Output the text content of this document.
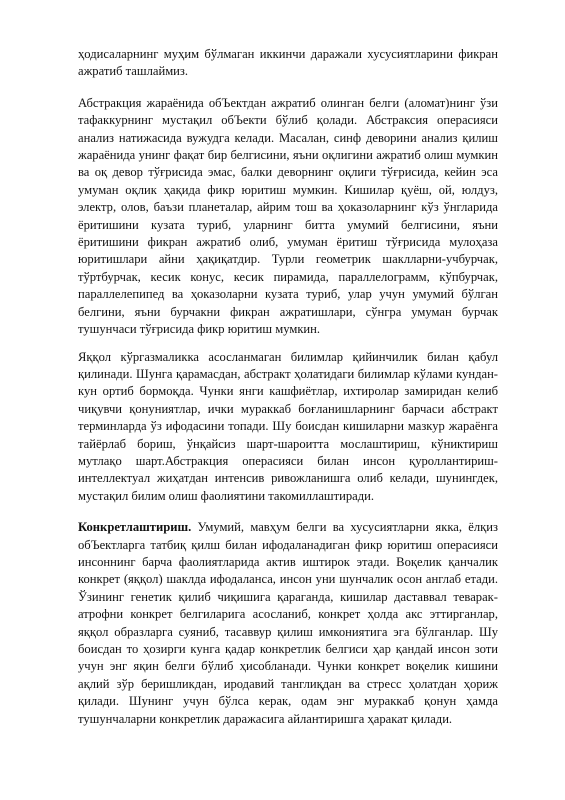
ҳодисаларнинг муҳим бўлмаган иккинчи даражали хусусиятларини фикран ажратиб ташлаймиз.

Абстракция жараёнида обЪектдан ажратиб олинган белги (аломат)нинг ўзи тафаккурнинг мустақил обЪекти бўлиб қолади. Абстраксия операсияси анализ натижасида вужудга келади. Масалан, синф деворини анализ қилиш жараёнида унинг фақат бир белгисини, яъни оқлигини ажратиб олиш мумкин ва оқ девор тўғрисида эмас, балки деворнинг оқлиги тўғрисида, кейин эса умуман оқлик ҳақида фикр юритиш мумкин. Кишилар қуёш, ой, юлдуз, электр, олов, баъзи планеталар, айрим тош ва ҳоказоларнинг кўз ўнгларида ёритишини кузата туриб, уларнинг битта умумий белгисини, яъни ёритишини фикран ажратиб олиб, умуман ёритиш тўғрисида мулоҳаза юритишлари айни ҳақиқатдир. Турли геометрик шаклларни-учбурчак, тўртбурчак, кесик конус, кесик пирамида, параллелограмм, кўпбурчак, параллелепипед ва ҳоказоларни кузата туриб, улар учун умумий бўлган белгини, яъни бурчакни фикран ажратишлари, сўнгра умуман бурчак тушунчаси тўғрисида фикр юритиш мумкин.

Яққол кўргазмаликка асосланмаган билимлар қийинчилик билан қабул қилинади. Шунга қарамасдан, абстракт ҳолатидаги билимлар кўлами кундан-кун ортиб бормоқда. Чунки янги кашфиётлар, ихтиролар замиридан келиб чиқувчи қонуниятлар, ички мураккаб боғланишларнинг барчаси абстракт терминларда ўз ифодасини топади. Шу боисдан кишиларни мазкур жараёнга тайёрлаб бориш, ўнқайсиз шарт-шароитта мослаштириш, кўниктириш мутлақо шарт.Абстракция операсияси билан инсон қуроллантириш-интеллектуал жиҳатдан интенсив ривожланишга олиб келади, шунингдек, мустақил билим олиш фаолиятини такомиллаштиради.

Конкретлаштириш. Умумий, мавҳум белги ва хусусиятларни якка, ёлқиз обЪектларга татбиқ қилш билан ифодаланадиган фикр юритиш операсияси инсоннинг барча фаолиятларида актив иштирок этади. Воқелик қанчалик конкрет (яққол) шаклда ифодаланса, инсон уни шунчалик осон англаб етади. Ўзининг генетик қилиб чиқишига қараганда, кишилар даставвал теварак-атрофни конкрет белгиларига асосланиб, конкрет ҳолда акс эттирганлар, яққол образларга суяниб, тасаввур қилиш имкониятига эга бўлганлар. Шу боисдан то ҳозирги кунга қадар конкретлик белгиси ҳар қандай инсон зоти учун энг яқин белги бўлиб ҳисобланади. Чунки конкрет воқелик кишини ақлий зўр беришликдан, иродавий танглиқдан ва стресс ҳолатдан ҳориж қилади. Шунинг учун бўлса керак, одам энг мураккаб қонун ҳамда тушунчаларни конкретлик даражасига айлантиришга ҳаракат қилади.
